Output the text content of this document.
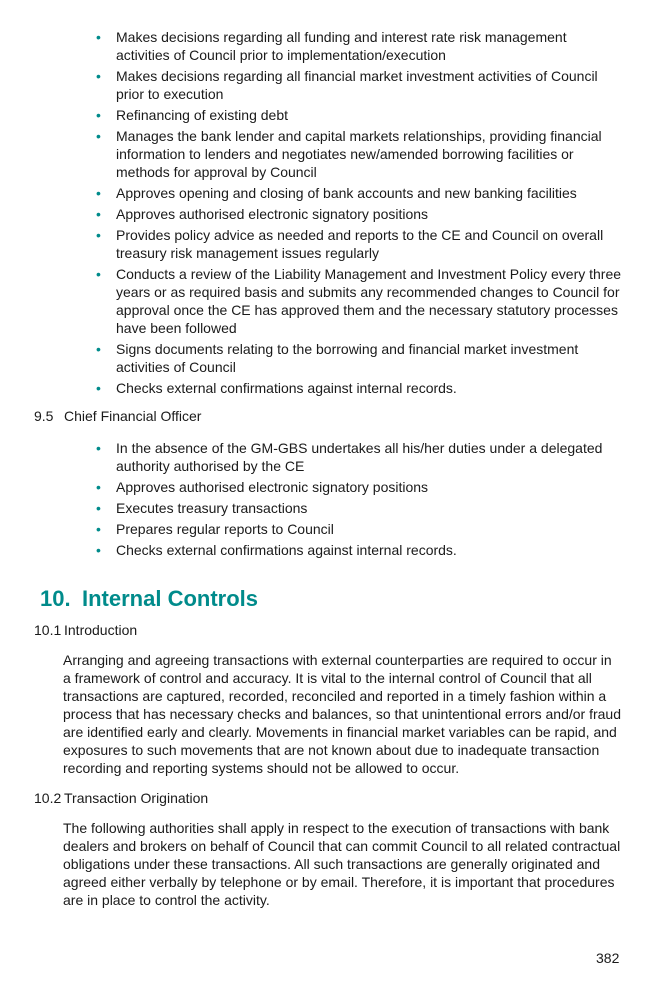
• Makes decisions regarding all funding and interest rate risk management activities of Council prior to implementation/execution
• Makes decisions regarding all financial market investment activities of Council prior to execution
• Refinancing of existing debt
• Manages the bank lender and capital markets relationships, providing financial information to lenders and negotiates new/amended borrowing facilities or methods for approval by Council
• Approves opening and closing of bank accounts and new banking facilities
• Approves authorised electronic signatory positions
• Provides policy advice as needed and reports to the CE and Council on overall treasury risk management issues regularly
• Conducts a review of the Liability Management and Investment Policy every three years or as required basis and submits any recommended changes to Council for approval once the CE has approved them and the necessary statutory processes have been followed
• Signs documents relating to the borrowing and financial market investment activities of Council
• Checks external confirmations against internal records.
9.5 Chief Financial Officer
• In the absence of the GM-GBS undertakes all his/her duties under a delegated authority authorised by the CE
• Approves authorised electronic signatory positions
• Executes treasury transactions
• Prepares regular reports to Council
• Checks external confirmations against internal records.
10. Internal Controls
10.1 Introduction

Arranging and agreeing transactions with external counterparties are required to occur in a framework of control and accuracy. It is vital to the internal control of Council that all transactions are captured, recorded, reconciled and reported in a timely fashion within a process that has necessary checks and balances, so that unintentional errors and/or fraud are identified early and clearly. Movements in financial market variables can be rapid, and exposures to such movements that are not known about due to inadequate transaction recording and reporting systems should not be allowed to occur.

10.2 Transaction Origination

The following authorities shall apply in respect to the execution of transactions with bank dealers and brokers on behalf of Council that can commit Council to all related contractual obligations under these transactions. All such transactions are generally originated and agreed either verbally by telephone or by email. Therefore, it is important that procedures are in place to control the activity.

382
